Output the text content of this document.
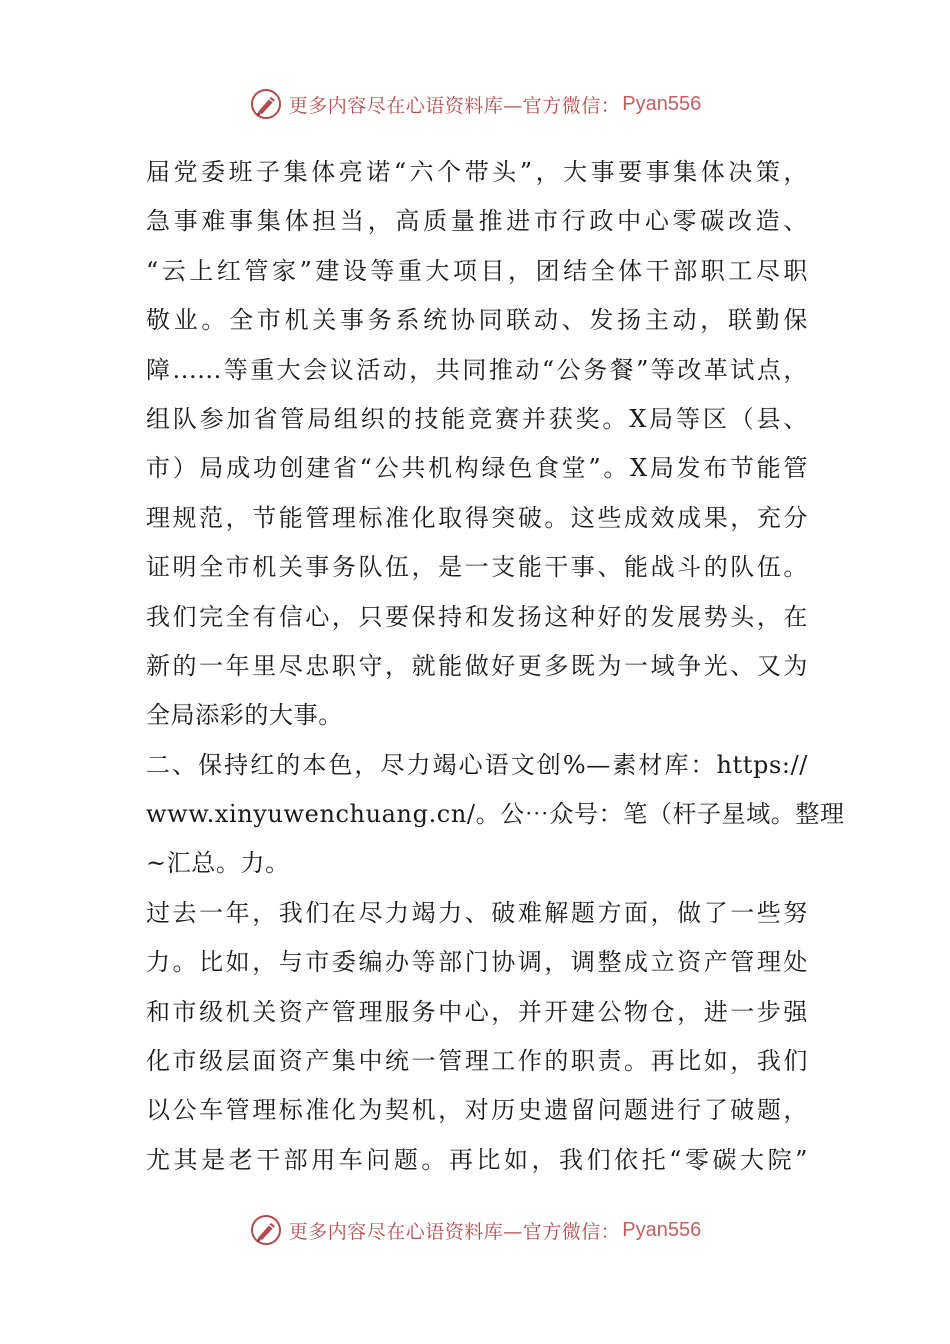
更多内容尽在心语资料库—官方微信： Pyan556
届党委班子集体亮诺“六个带头”，大事要事集体决策，
急事难事集体担当，高质量推进市行政中心零碳改造、
“云上红管家”建设等重大项目，团结全体干部职工尽职
敬业。全市机关事务系统协同联动、发扬主动，联勤保
障......等重大会议活动，共同推动“公务餐”等改革试点，
组队参加省管局组织的技能竞赛并获奖。X局等区（县、
市）局成功创建省“公共机构绿色食堂”。X局发布节能管
理规范，节能管理标准化取得突破。这些成效成果，充分
证明全市机关事务队伍，是一支能干事、能战斗的队伍。
我们完全有信心，只要保持和发扬这种好的发展势头，在
新的一年里尽忠职守，就能做好更多既为一域争光、又为
全局添彩的大事。
二、保持红的本色，尽力竭心语文创%—素材库：https://
www.xinyuwenchuang.cn/。公⋯众号：笔（杆子星域。整理
~汇总。力。
过去一年，我们在尽力竭力、破难解题方面，做了一些努
力。比如，与市委编办等部门协调，调整成立资产管理处
和市级机关资产管理服务中心，并开建公物仓，进一步强
化市级层面资产集中统一管理工作的职责。再比如，我们
以公车管理标准化为契机，对历史遗留问题进行了破题，
尤其是老干部用车问题。再比如，我们依托“零碳大院”
更多内容尽在心语资料库—官方微信： Pyan556
